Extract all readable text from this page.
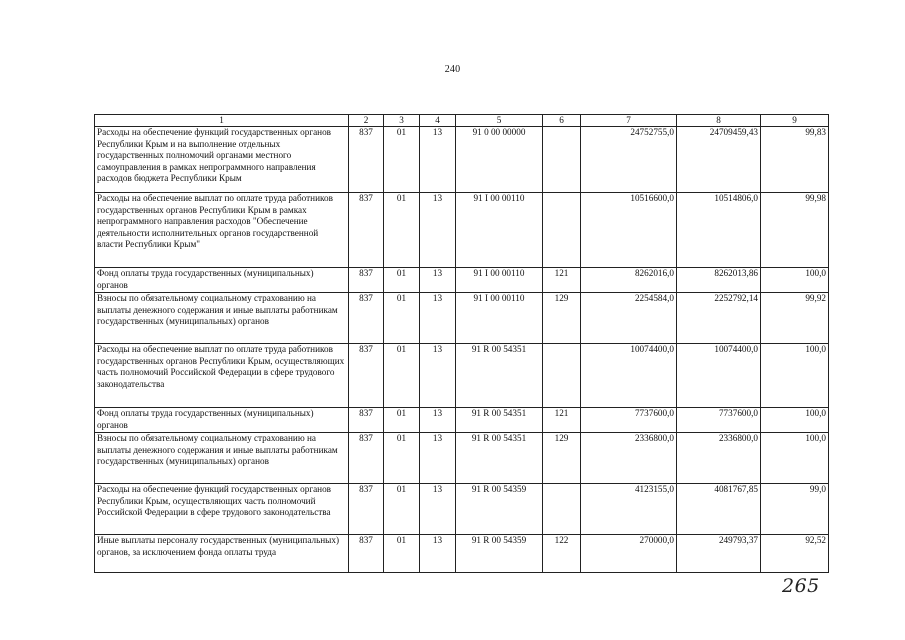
240
1	2	3	4	5	6	7	8	9
Расходы на обеспечение функций государственных органов Республики Крым и на выполнение отдельных государственных полномочий органами местного самоуправления в рамках непрограммного направления расходов бюджета Республики Крым	837	01	13	91 0 00 00000		24752755,0	24709459,43	99,83
Расходы на обеспечение выплат по оплате труда работников государственных органов Республики Крым в рамках непрограммного направления расходов "Обеспечение деятельности исполнительных органов государственной власти Республики Крым"	837	01	13	91 I 00 00110		10516600,0	10514806,0	99,98
Фонд оплаты труда государственных (муниципальных) органов	837	01	13	91 I 00 00110	121	8262016,0	8262013,86	100,0
Взносы по обязательному социальному страхованию на выплаты денежного содержания и иные выплаты работникам государственных (муниципальных) органов	837	01	13	91 I 00 00110	129	2254584,0	2252792,14	99,92
Расходы на обеспечение выплат по оплате труда работников государственных органов Республики Крым, осуществляющих часть полномочий Российской Федерации в сфере трудового законодательства	837	01	13	91 R 00 54351		10074400,0	10074400,0	100,0
Фонд оплаты труда государственных (муниципальных) органов	837	01	13	91 R 00 54351	121	7737600,0	7737600,0	100,0
Взносы по обязательному социальному страхованию на выплаты денежного содержания и иные выплаты работникам государственных (муниципальных) органов	837	01	13	91 R 00 54351	129	2336800,0	2336800,0	100,0
Расходы на обеспечение функций государственных органов Республики Крым, осуществляющих часть полномочий Российской Федерации в сфере трудового законодательства	837	01	13	91 R 00 54359		4123155,0	4081767,85	99,0
Иные выплаты персоналу государственных (муниципальных) органов, за исключением фонда оплаты труда	837	01	13	91 R 00 54359	122	270000,0	249793,37	92,52
265
